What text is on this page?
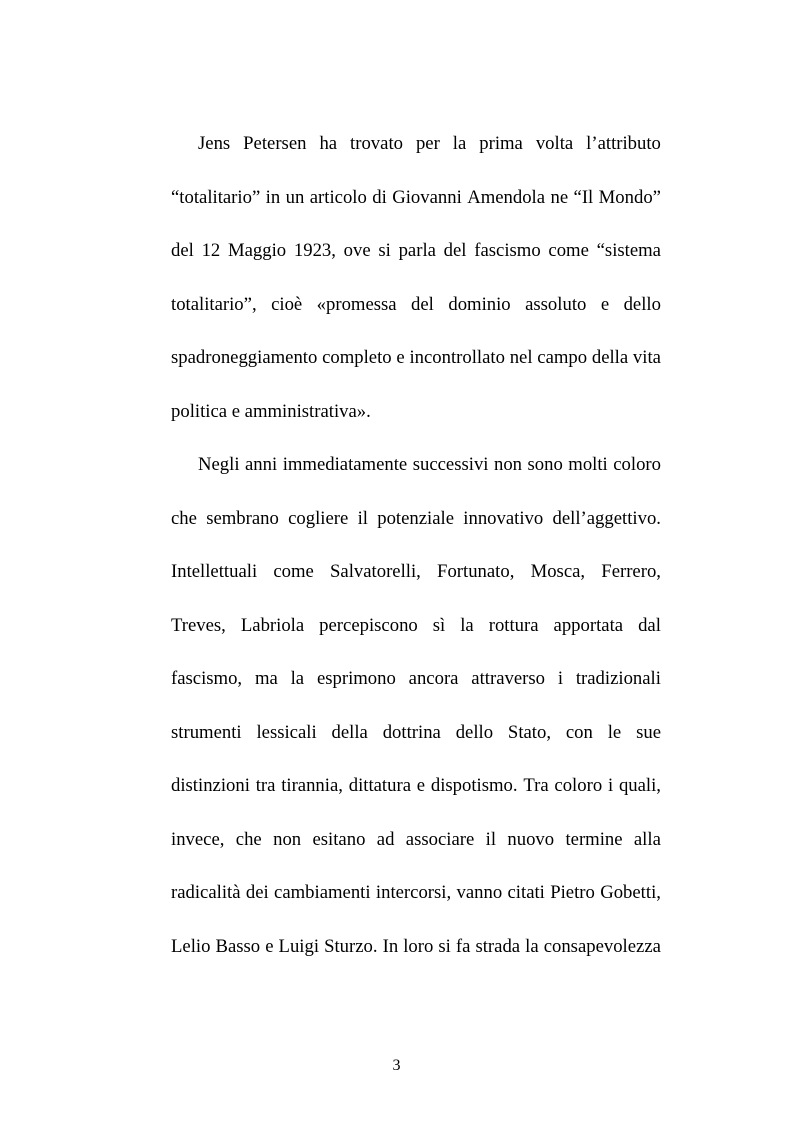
Jens Petersen ha trovato per la prima volta l’attributo
“totalitario” in un articolo di Giovanni Amendola ne “Il Mondo”
del 12 Maggio 1923, ove si parla del fascismo come “sistema
totalitario”, cioè «promessa del dominio assoluto e dello
spadroneggiamento completo e incontrollato nel campo della vita
politica e amministrativa».
Negli anni immediatamente successivi non sono molti coloro
che sembrano cogliere il potenziale innovativo dell’aggettivo.
Intellettuali come Salvatorelli, Fortunato, Mosca, Ferrero,
Treves, Labriola percepiscono sì la rottura apportata dal
fascismo, ma la esprimono ancora attraverso i tradizionali
strumenti lessicali della dottrina dello Stato, con le sue
distinzioni tra tirannia, dittatura e dispotismo. Tra coloro i quali,
invece, che non esitano ad associare il nuovo termine alla
radicalità dei cambiamenti intercorsi, vanno citati Pietro Gobetti,
Lelio Basso e Luigi Sturzo. In loro si fa strada la consapevolezza
3
